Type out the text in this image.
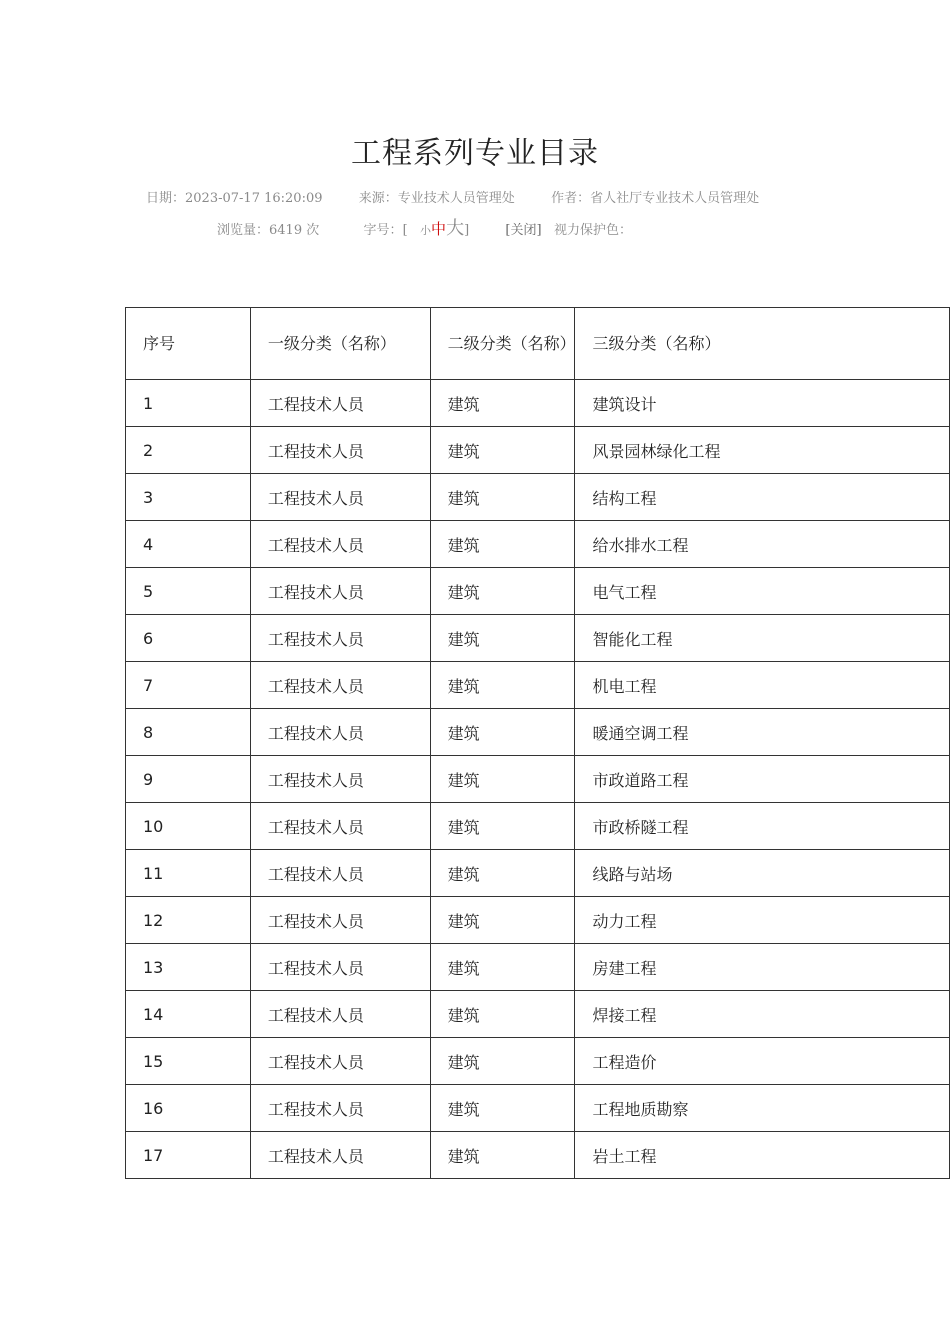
工程系列专业目录
日期：2023-07-17 16:20:09	来源：专业技术人员管理处	作者：省人社厅专业技术人员管理处
浏览量：6419 次	字号：[ 小中大]	[关闭] 视力保护色：
序号	一级分类（名称）	二级分类（名称）	三级分类（名称）
1	工程技术人员	建筑	建筑设计
2	工程技术人员	建筑	风景园林绿化工程
3	工程技术人员	建筑	结构工程
4	工程技术人员	建筑	给水排水工程
5	工程技术人员	建筑	电气工程
6	工程技术人员	建筑	智能化工程
7	工程技术人员	建筑	机电工程
8	工程技术人员	建筑	暖通空调工程
9	工程技术人员	建筑	市政道路工程
10	工程技术人员	建筑	市政桥隧工程
11	工程技术人员	建筑	线路与站场
12	工程技术人员	建筑	动力工程
13	工程技术人员	建筑	房建工程
14	工程技术人员	建筑	焊接工程
15	工程技术人员	建筑	工程造价
16	工程技术人员	建筑	工程地质勘察
17	工程技术人员	建筑	岩土工程
